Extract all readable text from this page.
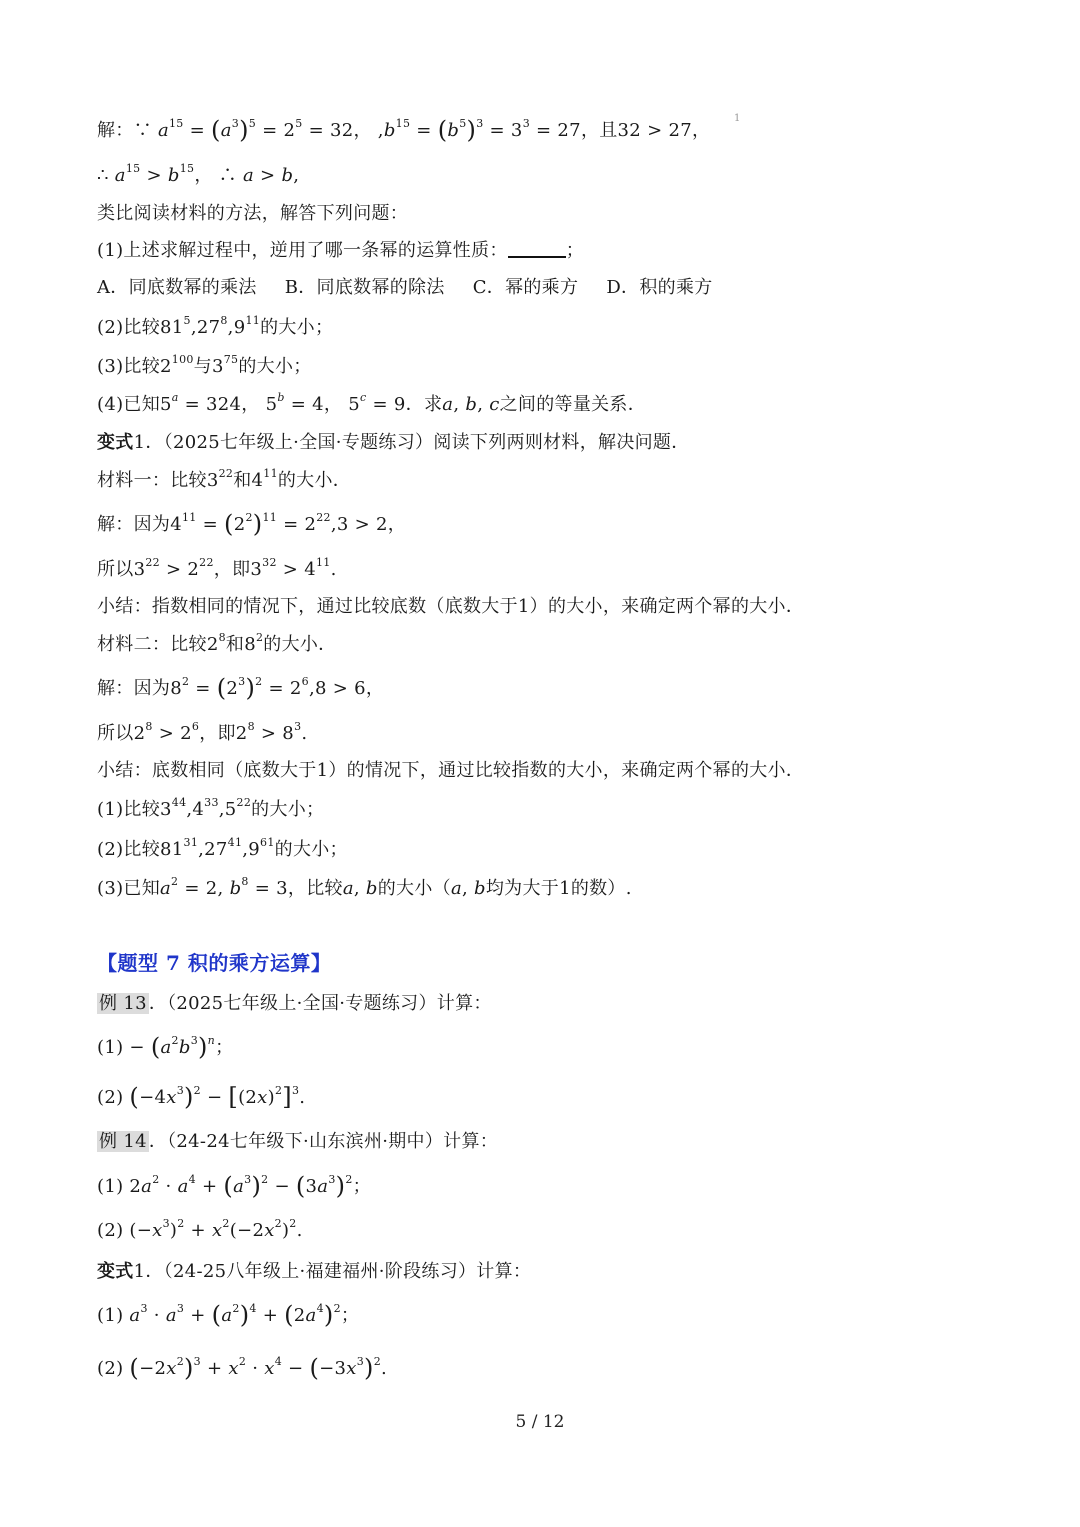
1
解：∵ $a^{15} = (a^3)^5 = 2^5 = 32$， $,b^{15} = (b^5)^3 = 3^3 = 27$，且32 > 27，
∴ $a^{15} > b^{15}$， ∴ a > b,
类比阅读材料的方法，解答下列问题：
(1)上述求解过程中，逆用了哪一条幂的运算性质：	；
A．同底数幂的乘法 B．同底数幂的除法 C．幂的乘方 D．积的乘方
(2)比较$81^5,27^8,9^{11}$的大小；
(3)比较$2^{100}$与$3^{75}$的大小；
(4)已知$5^a = 324$， $5^b = 4$， $5^c = 9$．求a, b, c之间的等量关系．
变式1．（2025七年级上·全国·专题练习）阅读下列两则材料，解决问题．
材料一：比较$3^{22}$和$4^{11}$的大小．
解：因为$4^{11} = (2^2)^{11} = 2^{22},3 > 2$，
所以$3^{22} > 2^{22}$，即$3^{32} > 4^{11}$.
小结：指数相同的情况下，通过比较底数（底数大于1）的大小，来确定两个幂的大小．
材料二：比较$2^8$和$8^2$的大小．
解：因为$8^2 = (2^3)^2 = 2^6,8 > 6$，
所以$2^8 > 2^6$，即$2^8 > 8^3$.
小结：底数相同（底数大于1）的情况下，通过比较指数的大小，来确定两个幂的大小．
(1)比较$3^{44},4^{33},5^{22}$的大小；
(2)比较$81^{31},27^{41},9^{61}$的大小；
(3)已知$a^2 = 2$, $b^8 = 3$，比较a, b的大小（a, b均为大于1的数）.
【题型 7 积的乘方运算】
例 13 ．（2025七年级上·全国·专题练习）计算：
$(1) - (a^2b^3)^n$；
(2) $(-4x^3)^2 - [(2x)^2]^3$.
例 14 ．（24-24七年级下·山东滨州·期中）计算：
(1) $2a^2 \cdot a^4 + (a^3)^2 - (3a^3)^2$；
(2) $(-x^3)^2 + x^2(-2x^2)^2$.
变式1．（24-25八年级上·福建福州·阶段练习）计算：
(1) $a^3 \cdot a^3 + (a^2)^4 + (2a^4)^2$；
(2) $(-2x^2)^3 + x^2 \cdot x^4 - (-3x^3)^2$.
5 / 12
